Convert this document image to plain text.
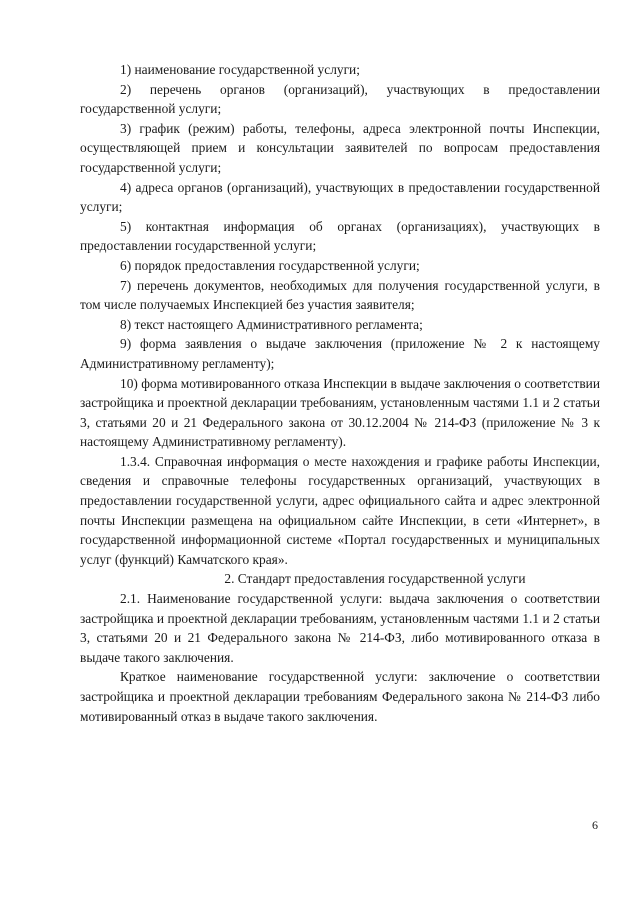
1) наименование государственной услуги;

2) перечень органов (организаций), участвующих в предоставлении государственной услуги;

3) график (режим) работы, телефоны, адреса электронной почты Инспекции, осуществляющей прием и консультации заявителей по вопросам предоставления государственной услуги;

4) адреса органов (организаций), участвующих в предоставлении государственной услуги;

5) контактная информация об органах (организациях), участвующих в предоставлении государственной услуги;

6) порядок предоставления государственной услуги;

7) перечень документов, необходимых для получения государственной услуги, в том числе получаемых Инспекцией без участия заявителя;

8) текст настоящего Административного регламента;

9) форма заявления о выдаче заключения (приложение № 2 к настоящему Административному регламенту);

10) форма мотивированного отказа Инспекции в выдаче заключения о соответствии застройщика и проектной декларации требованиям, установленным частями 1.1 и 2 статьи 3, статьями 20 и 21 Федерального закона от 30.12.2004 № 214-ФЗ (приложение № 3 к настоящему Административному регламенту).

1.3.4. Справочная информация о месте нахождения и графике работы Инспекции, сведения и справочные телефоны государственных организаций, участвующих в предоставлении государственной услуги, адрес официального сайта и адрес электронной почты Инспекции размещена на официальном сайте Инспекции, в сети «Интернет», в государственной информационной системе «Портал государственных и муниципальных услуг (функций) Камчатского края».

2. Стандарт предоставления государственной услуги

2.1. Наименование государственной услуги: выдача заключения о соответствии застройщика и проектной декларации требованиям, установленным частями 1.1 и 2 статьи 3, статьями 20 и 21 Федерального закона № 214-ФЗ, либо мотивированного отказа в выдаче такого заключения.

Краткое наименование государственной услуги: заключение о соответствии застройщика и проектной декларации требованиям Федерального закона № 214-ФЗ либо мотивированный отказ в выдаче такого заключения.

6
